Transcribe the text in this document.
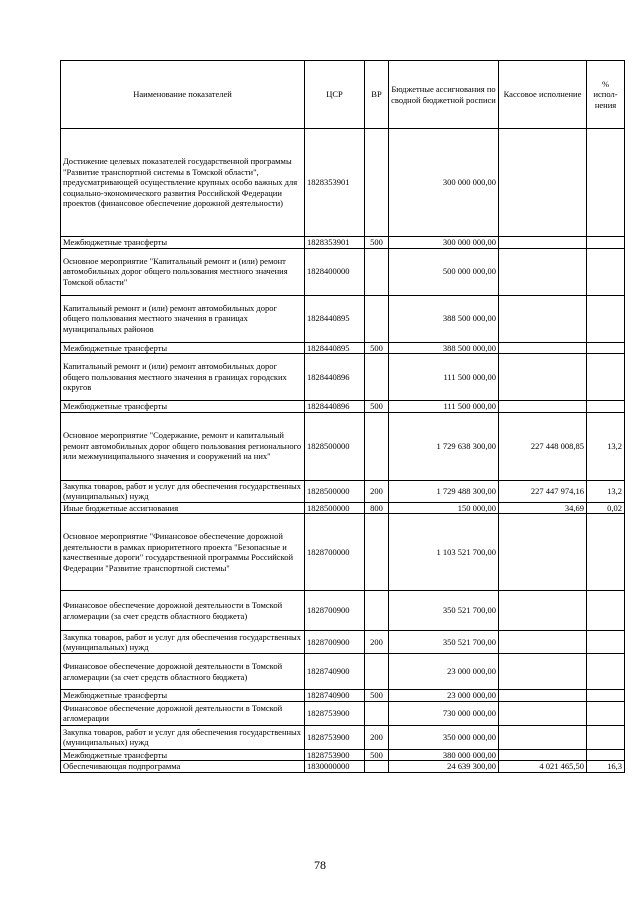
Наименование показателей	ЦСР	ВР	Бюджетные ассигнования по сводной бюджетной росписи	Кассовое исполнение	% испол-нения
Достижение целевых показателей государственной программы "Развитие транспортной системы в Томской области", предусматривающей осуществление крупных особо важных для социально-экономического развития Российской Федерации проектов (финансовое обеспечение дорожной деятельности)	1828353901		300 000 000,00		
Межбюджетные трансферты	1828353901	500	300 000 000,00		
Основное мероприятие "Капитальный ремонт и (или) ремонт автомобильных дорог общего пользования местного значения Томской области"	1828400000		500 000 000,00		
Капитальный ремонт и (или) ремонт автомобильных дорог общего пользования местного значения в границах муниципальных районов	1828440895		388 500 000,00		
Межбюджетные трансферты	1828440895	500	388 500 000,00		
Капитальный ремонт и (или) ремонт автомобильных дорог общего пользования местного значения в границах городских округов	1828440896		111 500 000,00		
Межбюджетные трансферты	1828440896	500	111 500 000,00		
Основное мероприятие "Содержание, ремонт и капитальный ремонт автомобильных дорог общего пользования регионального или межмуниципального значения и сооружений на них"	1828500000		1 729 638 300,00	227 448 008,85	13,2
Закупка товаров, работ и услуг для обеспечения государственных (муниципальных) нужд	1828500000	200	1 729 488 300,00	227 447 974,16	13,2
Иные бюджетные ассигнования	1828500000	800	150 000,00	34,69	0,02
Основное мероприятие "Финансовое обеспечение дорожной деятельности в рамках приоритетного проекта "Безопасные и качественные дороги" государственной программы Российской Федерации "Развитие транспортной системы"	1828700000		1 103 521 700,00		
Финансовое обеспечение дорожной деятельности в Томской агломерации (за счет средств областного бюджета)	1828700900		350 521 700,00		
Закупка товаров, работ и услуг для обеспечения государственных (муниципальных) нужд	1828700900	200	350 521 700,00		
Финансовое обеспечение дорожной деятельности в Томской агломерации (за счет средств областного бюджета)	1828740900		23 000 000,00		
Межбюджетные трансферты	1828740900	500	23 000 000,00		
Финансовое обеспечение дорожной деятельности в Томской агломерации	1828753900		730 000 000,00		
Закупка товаров, работ и услуг для обеспечения государственных (муниципальных) нужд	1828753900	200	350 000 000,00		
Межбюджетные трансферты	1828753900	500	380 000 000,00		
Обеспечивающая подпрограмма	1830000000		24 639 300,00	4 021 465,50	16,3
78
